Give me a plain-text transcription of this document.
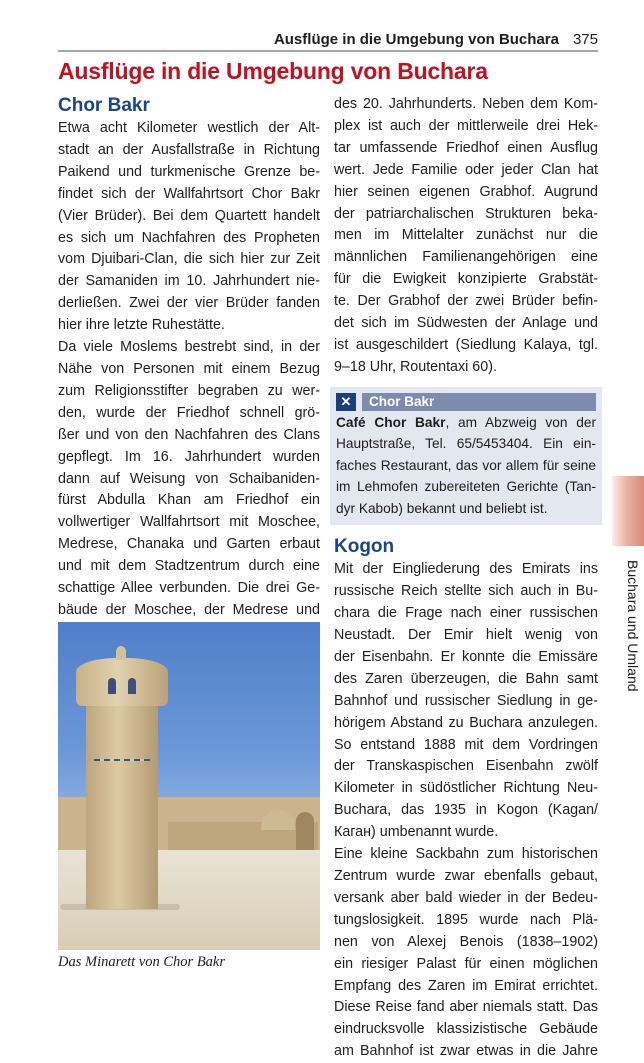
Ausflüge in die Umgebung von Buchara 375
Ausflüge in die Umgebung von Buchara
Chor Bakr

Etwa acht Kilometer westlich der Alt-
stadt an der Ausfallstraße in Richtung
Paikend und turkmenische Grenze be-
findet sich der Wallfahrtsort Chor Bakr
(Vier Brüder). Bei dem Quartett handelt
es sich um Nachfahren des Propheten
vom Djuibari-Clan, die sich hier zur Zeit
der Samaniden im 10. Jahrhundert nie-
derließen. Zwei der vier Brüder fanden
hier ihre letzte Ruhestätte.

Da viele Moslems bestrebt sind, in der
Nähe von Personen mit einem Bezug
zum Religionsstifter begraben zu wer-
den, wurde der Friedhof schnell grö-
ßer und von den Nachfahren des Clans
gepflegt. Im 16. Jahrhundert wurden
dann auf Weisung von Schaibaniden-
fürst Abdulla Khan am Friedhof ein
vollwertiger Wallfahrtsort mit Moschee,
Medrese, Chanaka und Garten erbaut
und mit dem Stadtzentrum durch eine
schattige Allee verbunden. Die drei Ge-
bäude der Moschee, der Medrese und

Das Minarett von Chor Bakr

des 20. Jahrhunderts. Neben dem Kom-
plex ist auch der mittlerweile drei Hek-
tar umfassende Friedhof einen Ausflug
wert. Jede Familie oder jeder Clan hat
hier seinen eigenen Grabhof. Augrund
der patriarchalischen Strukturen beka-
men im Mittelalter zunächst nur die
männlichen Familienangehörigen eine
für die Ewigkeit konzipierte Grabstät-
te. Der Grabhof der zwei Brüder befin-
det sich im Südwesten der Anlage und
ist ausgeschildert (Siedlung Kalaya, tgl.
9–18 Uhr, Routentaxi 60).

✕	Chor Bakr

Café Chor Bakr, am Abzweig von der
Hauptstraße, Tel. 65/5453404. Ein ein-
faches Restaurant, das vor allem für seine
im Lehmofen zubereiteten Gerichte (Tan-
dyr Kabob) bekannt und beliebt ist.

Kogon

Mit der Eingliederung des Emirats ins
russische Reich stellte sich auch in Bu-
chara die Frage nach einer russischen
Neustadt. Der Emir hielt wenig von
der Eisenbahn. Er konnte die Emissäre
des Zaren überzeugen, die Bahn samt
Bahnhof und russischer Siedlung in ge-
hörigem Abstand zu Buchara anzulegen.
So entstand 1888 mit dem Vordringen
der Transkaspischen Eisenbahn zwölf
Kilometer in südöstlicher Richtung Neu-
Buchara, das 1935 in Kogon (Kagan/
Каган) umbenannt wurde.

Eine kleine Sackbahn zum historischen
Zentrum wurde zwar ebenfalls gebaut,
versank aber bald wieder in der Bedeu-
tungslosigkeit. 1895 wurde nach Plä-
nen von Alexej Benois (1838–1902)
ein riesiger Palast für einen möglichen
Empfang des Zaren im Emirat errichtet.
Diese Reise fand aber niemals statt. Das
eindrucksvolle klassizistische Gebäude
am Bahnhof ist zwar etwas in die Jahre

Buchara und Umland
